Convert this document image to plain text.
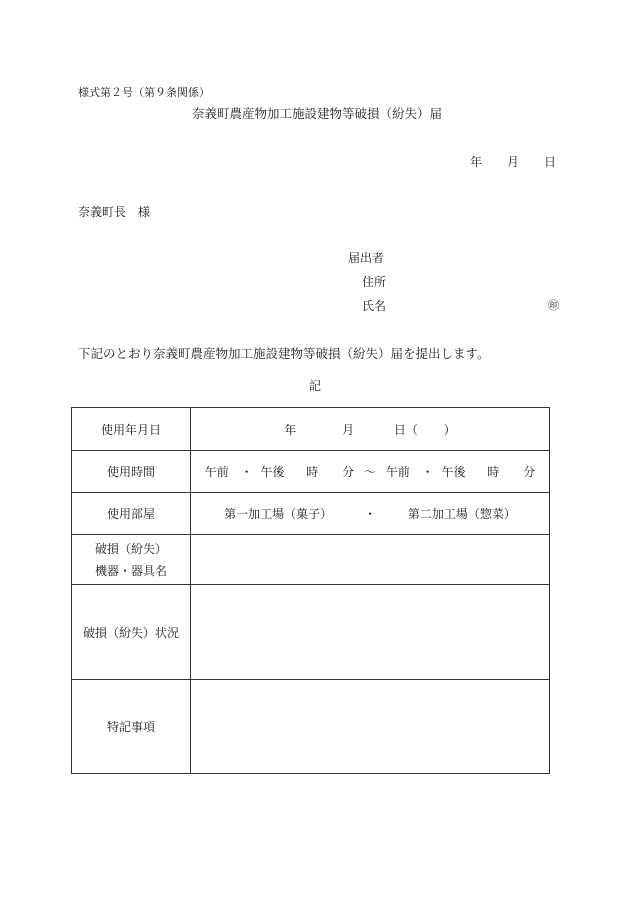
様式第２号（第９条関係）
奈義町農産物加工施設建物等破損（紛失）届
年 月 日
奈義町長　様
届出者
住所
氏名	㊞
下記のとおり奈義町農産物加工施設建物等破損（紛失）届を提出します。
記
使用年月日	年 月 日（ ）
使用時間	午前 ・ 午後 時 分 ～ 午前 ・ 午後 時 分
使用部屋	第一加工場（菓子） ・ 第二加工場（惣菜）

破損（紛失）
機器・器具名	

破損（紛失）状況	
特記事項	
